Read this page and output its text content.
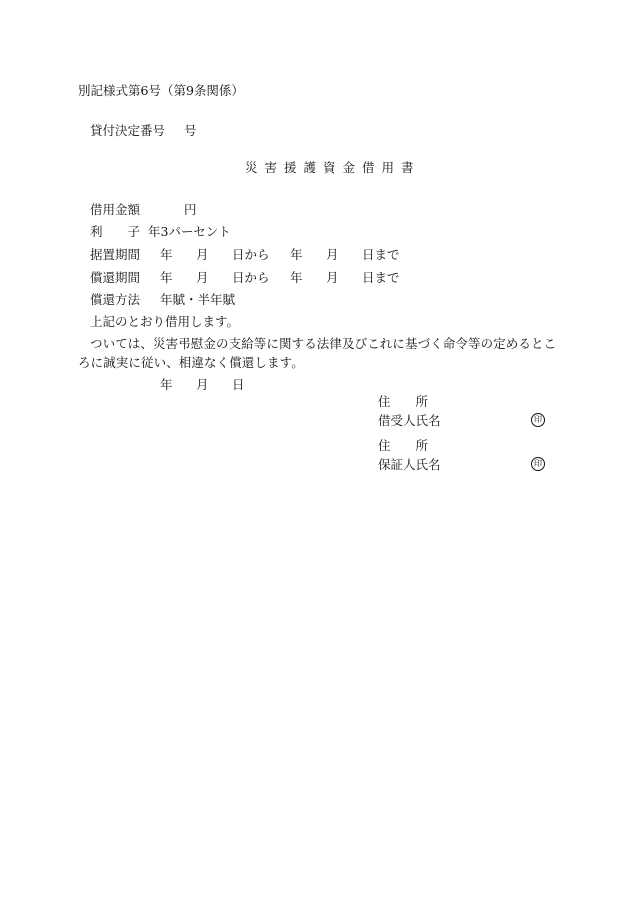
別記様式第6号（第9条関係）
貸付決定番号 号
災害援護資金借用書
借用金額	円
利　　子 年3パーセント
据置期間 年 月 日から 年 月 日まで
償還期間 年 月 日から 年 月 日まで
償還方法 年賦・半年賦
上記のとおり借用します。
ついては、災害弔慰金の支給等に関する法律及びこれに基づく命令等の定めるところに誠実に従い、相違なく償還します。
年 月 日
住　　所
借受人氏名	印
住　　所
保証人氏名	印
